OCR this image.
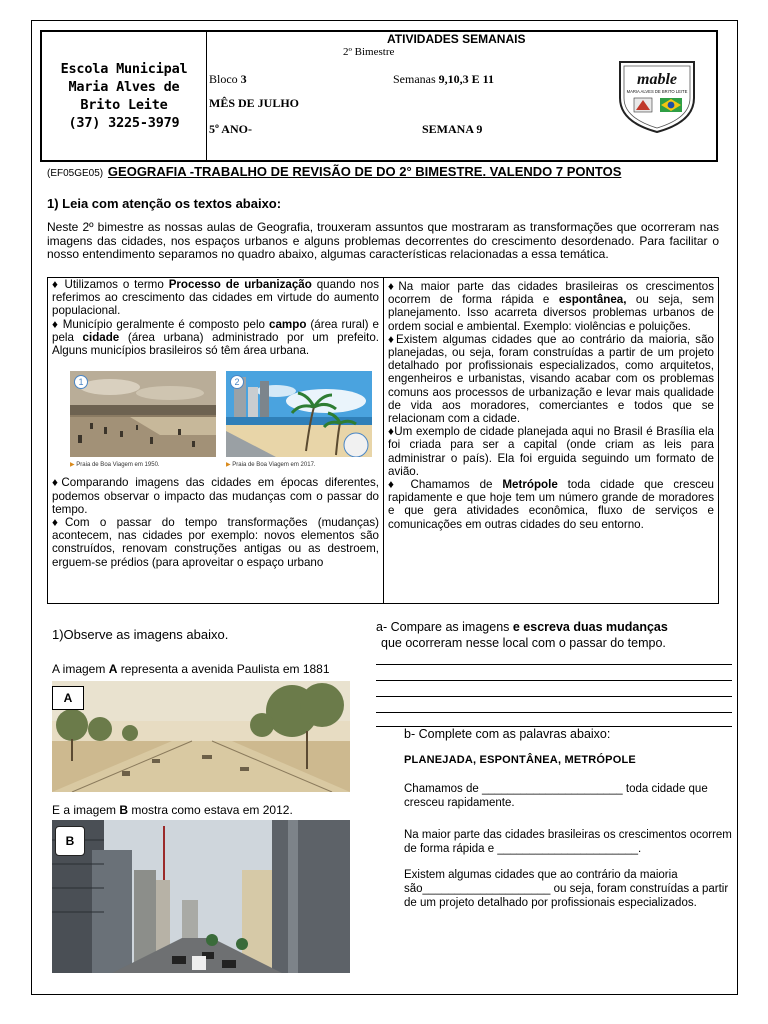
Escola Municipal
Maria Alves de
Brito Leite
(37) 3225-3979
ATIVIDADES SEMANAIS
2º Bimestre
Bloco 3	Semanas 9,10,3 E 11
MÊS DE JULHO
5º ANO-	SEMANA 9
mable
MARIA ALVES DE BRITO LEITE
(EF05GE05) GEOGRAFIA -TRABALHO DE REVISÃO DE DO 2° BIMESTRE. VALENDO 7 PONTOS
1) Leia com atenção os textos abaixo:
Neste 2º bimestre as nossas aulas de Geografia, trouxeram assuntos que mostraram as transformações que ocorreram nas imagens das cidades, nos espaços urbanos e alguns problemas decorrentes do crescimento desordenado. Para facilitar o nosso entendimento separamos no quadro abaixo, algumas características relacionadas a essa temática.

♦ Utilizamos o termo Processo de urbanização quando nos referimos ao crescimento das cidades em virtude do aumento populacional.

♦ Município geralmente é composto pelo campo (área rural) e pela cidade (área urbana) administrado por um prefeito. Alguns municípios brasileiros só têm área urbana.

1
▶ Praia de Boa Viagem em 1950.
2
▶ Praia de Boa Viagem em 2017.

♦Comparando imagens das cidades em épocas diferentes, podemos observar o impacto das mudanças com o passar do tempo.

♦Com o passar do tempo transformações (mudanças) acontecem, nas cidades por exemplo: novos elementos são construídos, renovam construções antigas ou as destroem, erguem-se prédios (para aproveitar o espaço urbano

♦Na maior parte das cidades brasileiras os crescimentos ocorrem de forma rápida e espontânea, ou seja, sem planejamento. Isso acarreta diversos problemas urbanos de ordem social e ambiental. Exemplo: violências e poluições.

♦Existem algumas cidades que ao contrário da maioria, são planejadas, ou seja, foram construídas a partir de um projeto detalhado por profissionais especializados, como arquitetos, engenheiros e urbanistas, visando acabar com os problemas comuns aos processos de urbanização e levar mais qualidade de vida aos moradores, comerciantes e todos que se relacionam com a cidade.

♦Um exemplo de cidade planejada aqui no Brasil é Brasília ela foi criada para ser a capital (onde criam as leis para administrar o país). Ela foi erguida seguindo um formato de avião.

♦ Chamamos de Metrópole toda cidade que cresceu rapidamente e que hoje tem um número grande de moradores e que gera atividades econômica, fluxo de serviços e comunicações em outras cidades do seu entorno.

1)Observe as imagens abaixo.
A imagem A representa a avenida Paulista em 1881
A
E a imagem B mostra como estava em 2012.
B
a- Compare as imagens e escreva duas mudanças
que ocorreram nesse local com o passar do tempo.
b- Complete com as palavras abaixo:
PLANEJADA, ESPONTÂNEA, METRÓPOLE
Chamamos de ______________________ toda cidade que cresceu rapidamente.
Na maior parte das cidades brasileiras os crescimentos ocorrem de forma rápida e ______________________.
Existem algumas cidades que ao contrário da maioria são____________________ ou seja, foram construídas a partir de um projeto detalhado por profissionais especializados.
